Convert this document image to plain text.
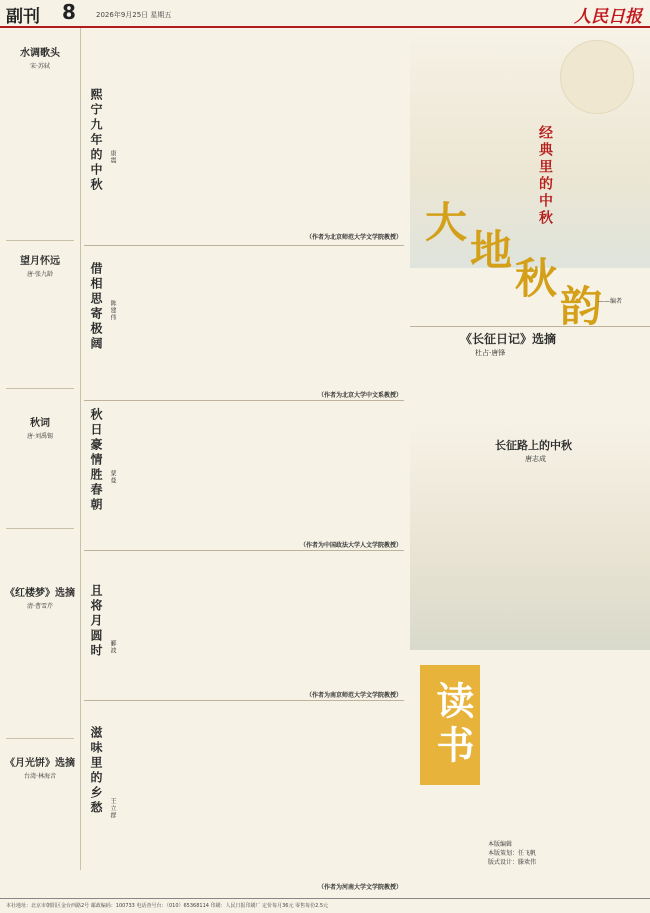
副刊 8	2026年9月25日 星期五	人民日报
水调歌头
宋·苏轼
望月怀远
唐·张九龄
秋词
唐·刘禹锡
《红楼梦》选摘
清·曹雪芹
《月光饼》选摘
台湾·林海音
熙宁九年的中秋	康震
借相思寄极阔	陈建伟
秋日豪情胜春朝	蒙曼
且将月圆时	郦波
滋味里的乡愁	王立群
（作者为北京师范大学文学院教授）
（作者为北京大学中文系教授）
（作者为中国政法大学人文学院教授）
（作者为南京师范大学文学院教授）
（作者为河南大学文学院教授）
大
地
秋
韵
经典里的中秋
——编者
《长征日记》选摘
杜占·唐锋
长征路上的中秋
唐志成
读书
本版编辑
本版策划：任飞帆
版式设计：滕欢伟
本社地址：北京市朝阳区金台西路2号 邮政编码：100733 电话查号台：（010）65368114 印刷：人民日报印刷厂 定价每月36元 零售每份2.5元
